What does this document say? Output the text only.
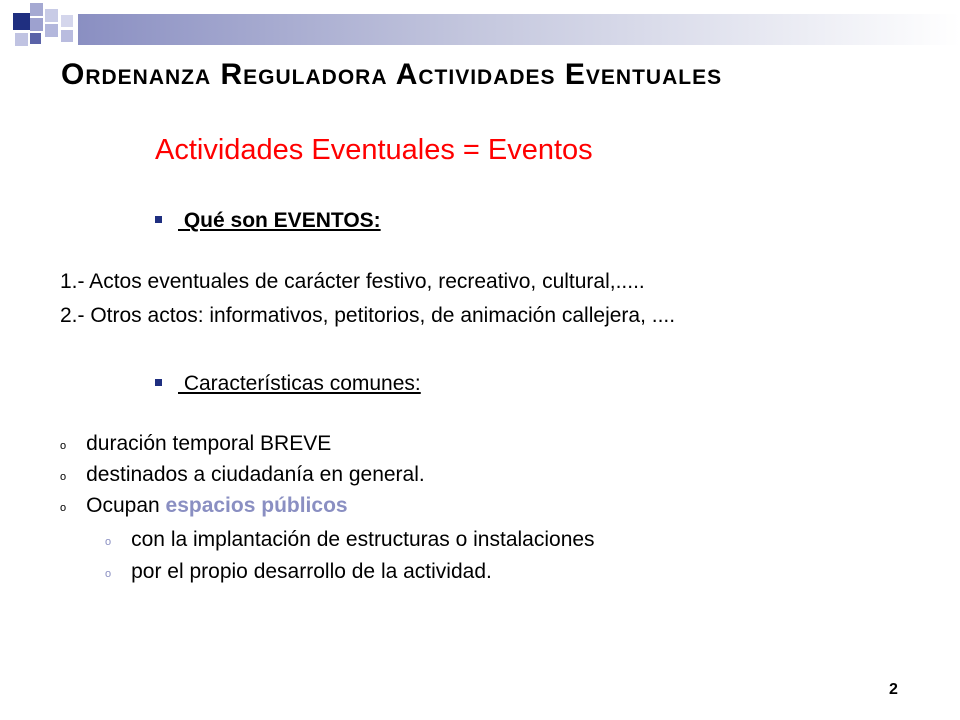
Ordenanza Reguladora Actividades Eventuales
Actividades Eventuales = Eventos
Qué son EVENTOS:
1.- Actos eventuales de carácter festivo, recreativo, cultural,.....
2.- Otros actos: informativos, petitorios, de animación callejera, ....
Características comunes:
o duración temporal BREVE
o destinados a ciudadanía en general.
o Ocupan espacios públicos
o con la implantación de estructuras o instalaciones
o por el propio desarrollo de la actividad.
2
